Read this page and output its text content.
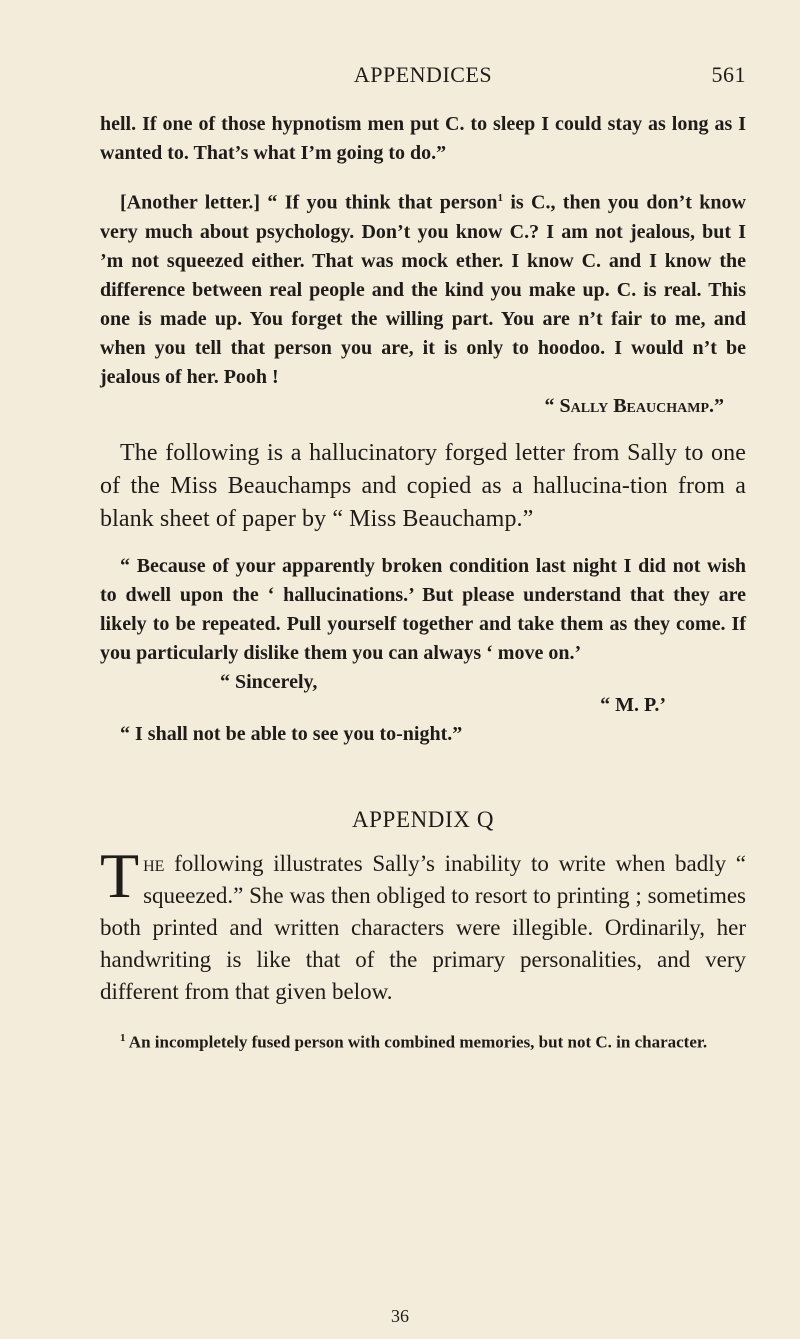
APPENDICES	561

hell. If one of those hypnotism men put C. to sleep I could stay as long as I wanted to. That’s what I’m going to do.”

[Another letter.] “ If you think that person$^1$ is C., then you don’t know very much about psychology. Don’t you know C.? I am not jealous, but I ’m not squeezed either. That was mock ether. I know C. and I know the difference between real people and the kind you make up. C. is real. This one is made up. You forget the willing part. You are n’t fair to me, and when you tell that person you are, it is only to hoodoo. I would n’t be jealous of her. Pooh !

“ Sally Beauchamp.”

The following is a hallucinatory forged letter from Sally to one of the Miss Beauchamps and copied as a hallucina-tion from a blank sheet of paper by “ Miss Beauchamp.”

“ Because of your apparently broken condition last night I did not wish to dwell upon the ‘ hallucinations.’ But please understand that they are likely to be repeated. Pull yourself together and take them as they come. If you particularly dislike them you can always ‘ move on.’

“ Sincerely,

“ M. P.’

“ I shall not be able to see you to-night.”

APPENDIX Q

The following illustrates Sally’s inability to write when badly “ squeezed.” She was then obliged to resort to printing ; sometimes both printed and written characters were illegible. Ordinarily, her handwriting is like that of the primary personalities, and very different from that given below.

$^1$ An incompletely fused person with combined memories, but not C. in character.

36
